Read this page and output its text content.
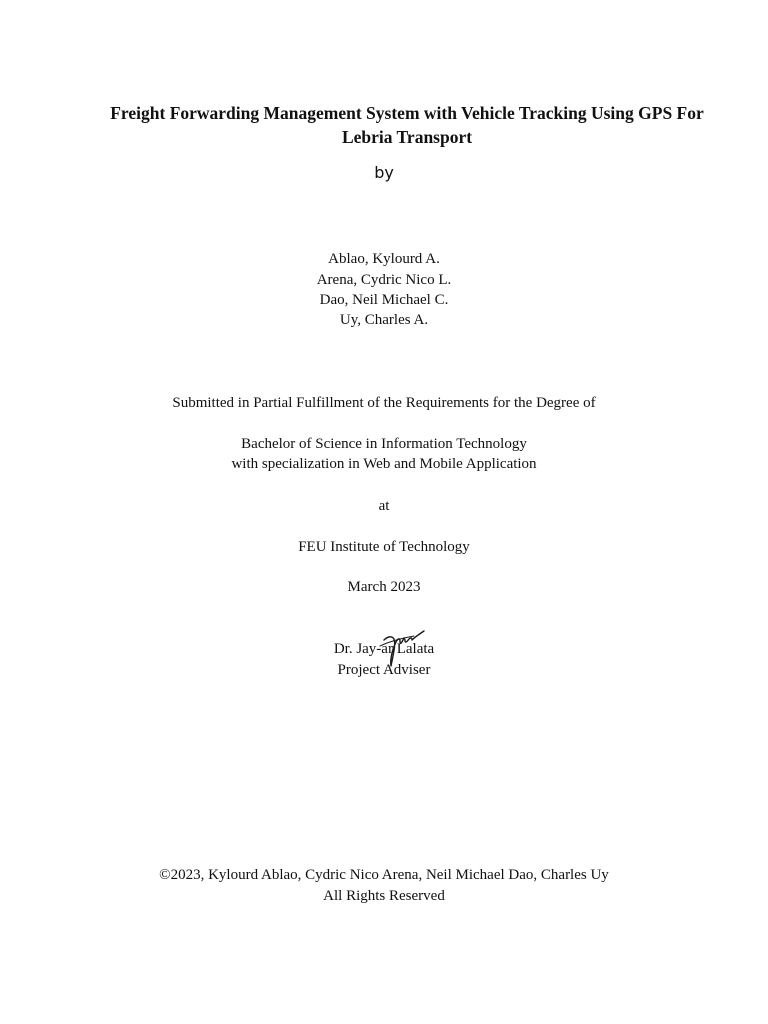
Freight Forwarding Management System with Vehicle Tracking Using GPS For Lebria Transport
by
Ablao, Kylourd A.
Arena, Cydric Nico L.
Dao, Neil Michael C.
Uy, Charles A.
Submitted in Partial Fulfillment of the Requirements for the Degree of
Bachelor of Science in Information Technology
with specialization in Web and Mobile Application
at
FEU Institute of Technology
March 2023
Dr. Jay-ar Lalata
Project Adviser
©2023, Kylourd Ablao, Cydric Nico Arena, Neil Michael Dao, Charles Uy
All Rights Reserved
